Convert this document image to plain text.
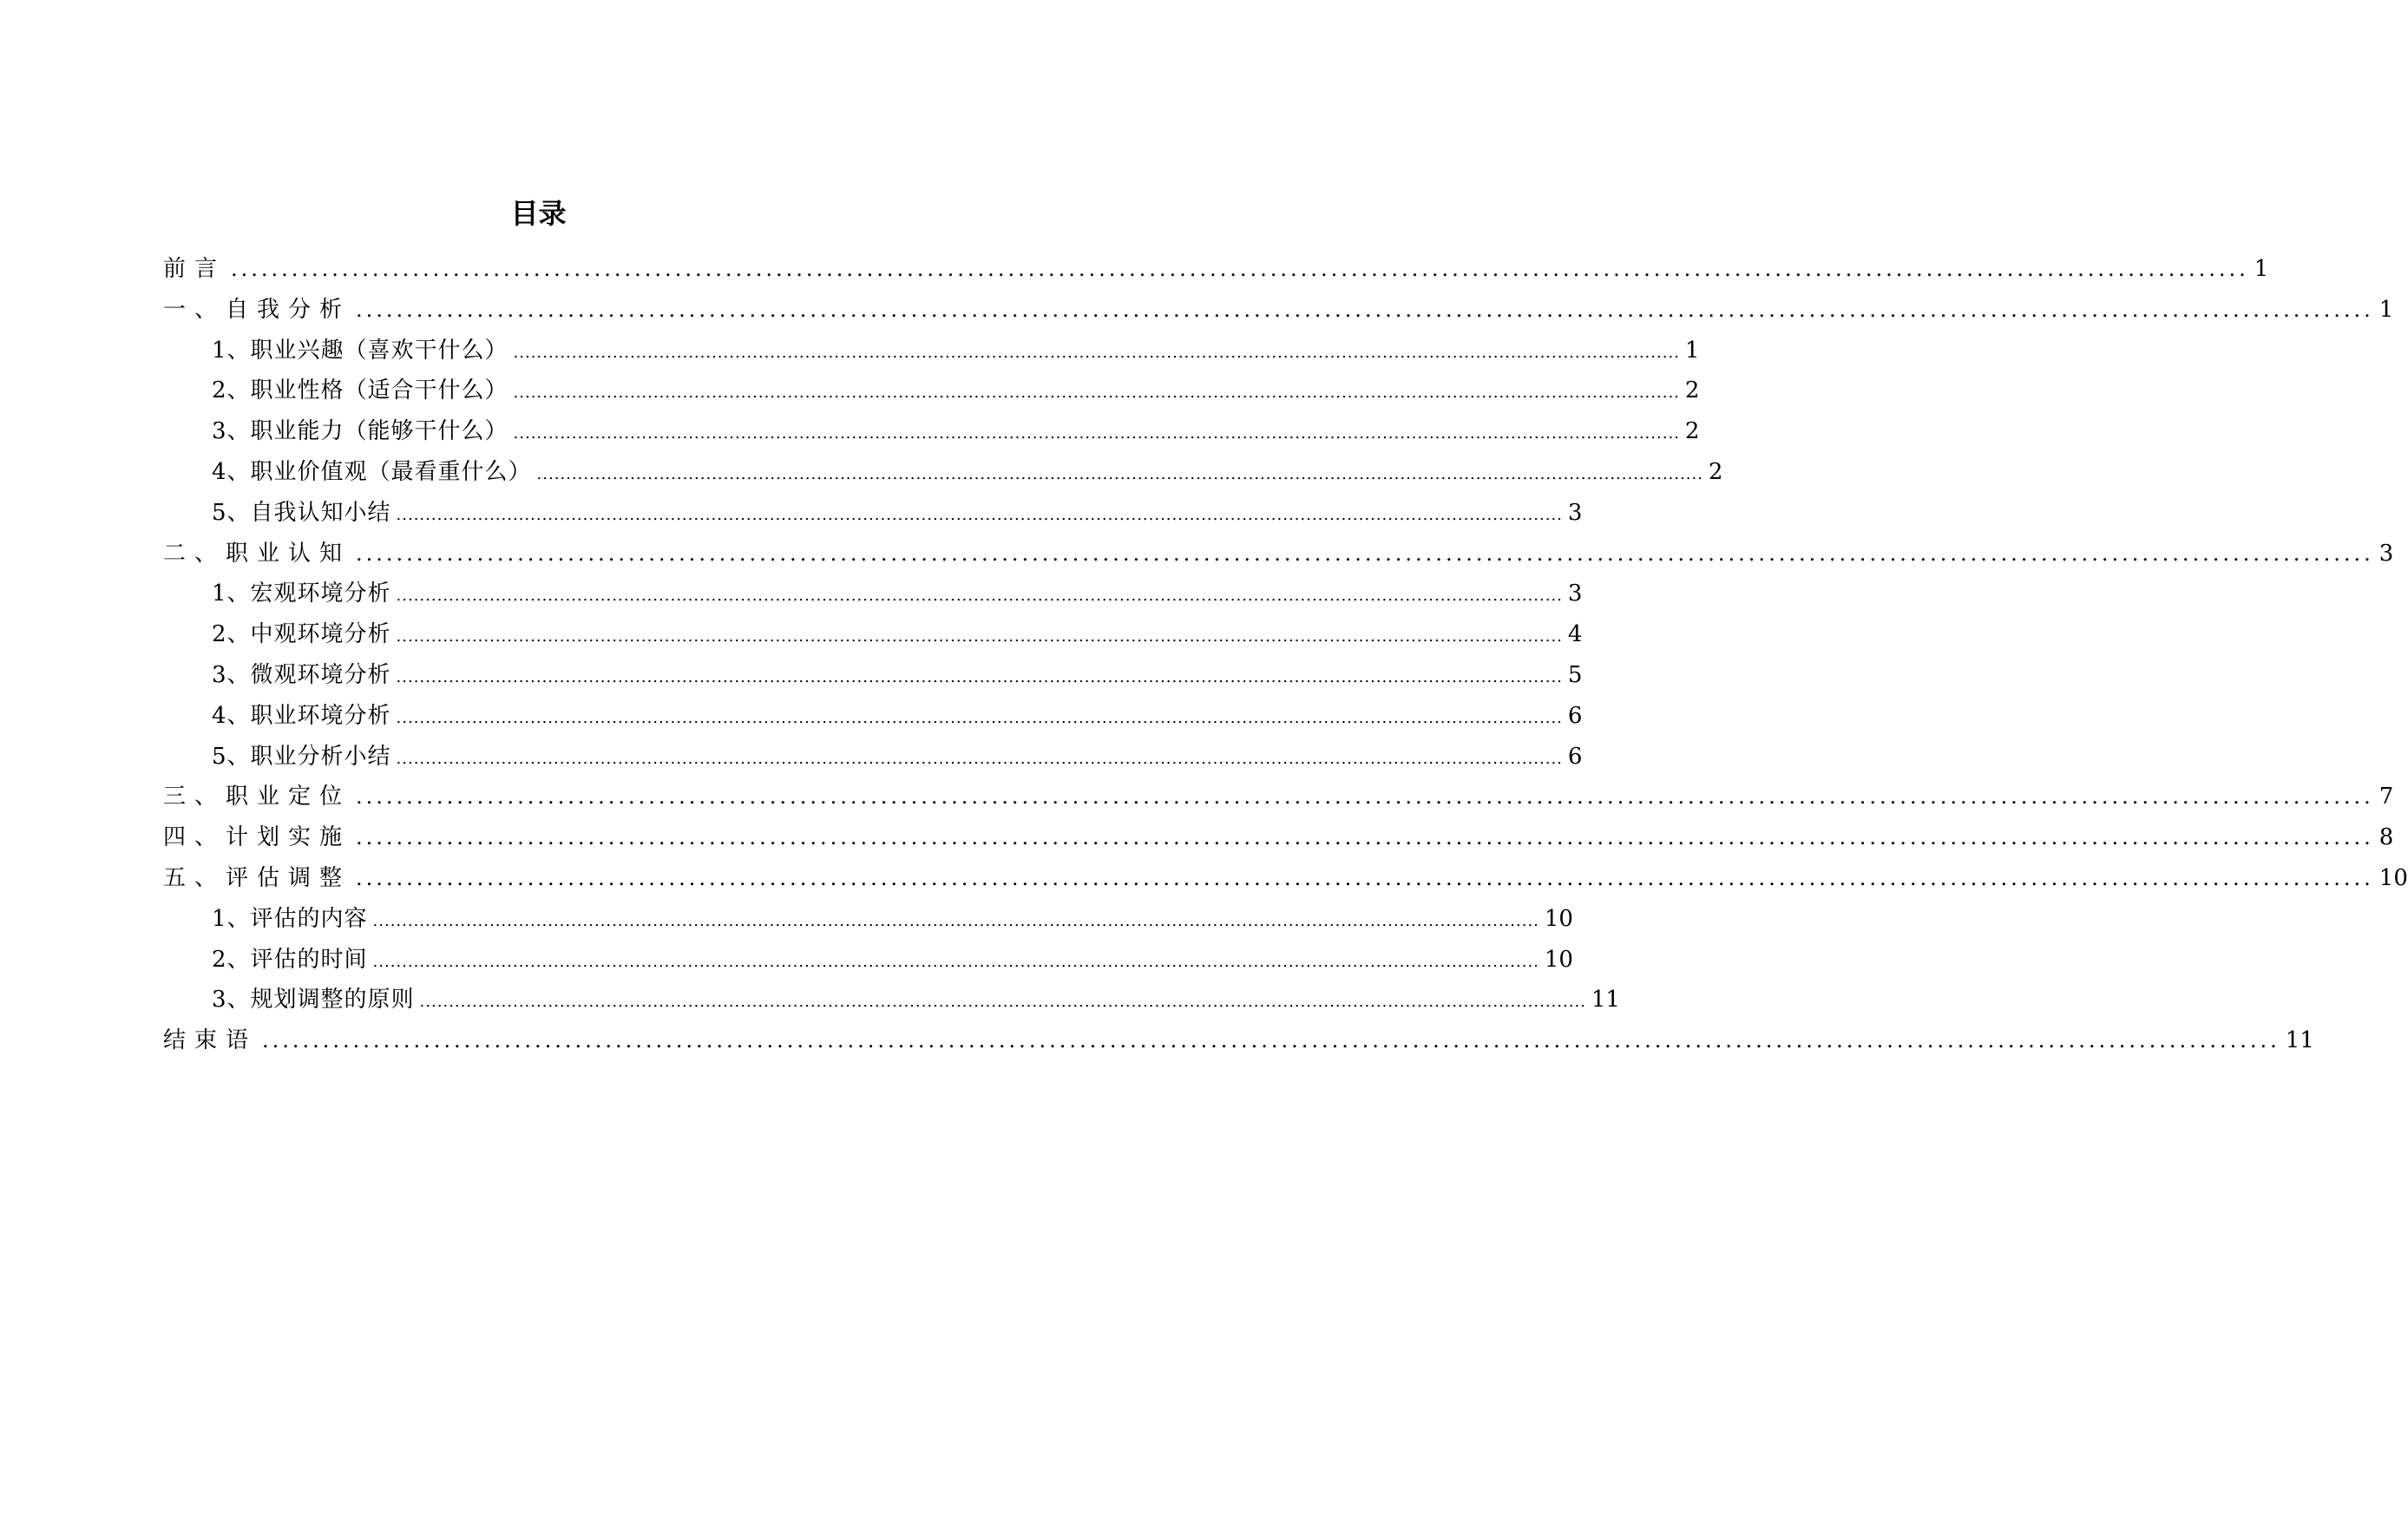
目录
前言 ........................................................................................................................................................................................................ 1
一、自我分析 ........................................................................................................................................................................................................ 1
1、职业兴趣（喜欢干什么） ........................................................................................................................................................................................................ 1
2、职业性格（适合干什么） ........................................................................................................................................................................................................ 2
3、职业能力（能够干什么） ........................................................................................................................................................................................................ 2
4、职业价值观（最看重什么） ........................................................................................................................................................................................................ 2
5、自我认知小结 ........................................................................................................................................................................................................ 3
二、职业认知 ........................................................................................................................................................................................................ 3
1、宏观环境分析 ........................................................................................................................................................................................................ 3
2、中观环境分析 ........................................................................................................................................................................................................ 4
3、微观环境分析 ........................................................................................................................................................................................................ 5
4、职业环境分析 ........................................................................................................................................................................................................ 6
5、职业分析小结 ........................................................................................................................................................................................................ 6
三、职业定位 ........................................................................................................................................................................................................ 7
四、计划实施 ........................................................................................................................................................................................................ 8
五、评估调整 ........................................................................................................................................................................................................ 10
1、评估的内容 ........................................................................................................................................................................................................ 10
2、评估的时间 ........................................................................................................................................................................................................ 10
3、规划调整的原则 ........................................................................................................................................................................................................ 11
结束语 ........................................................................................................................................................................................................ 11
